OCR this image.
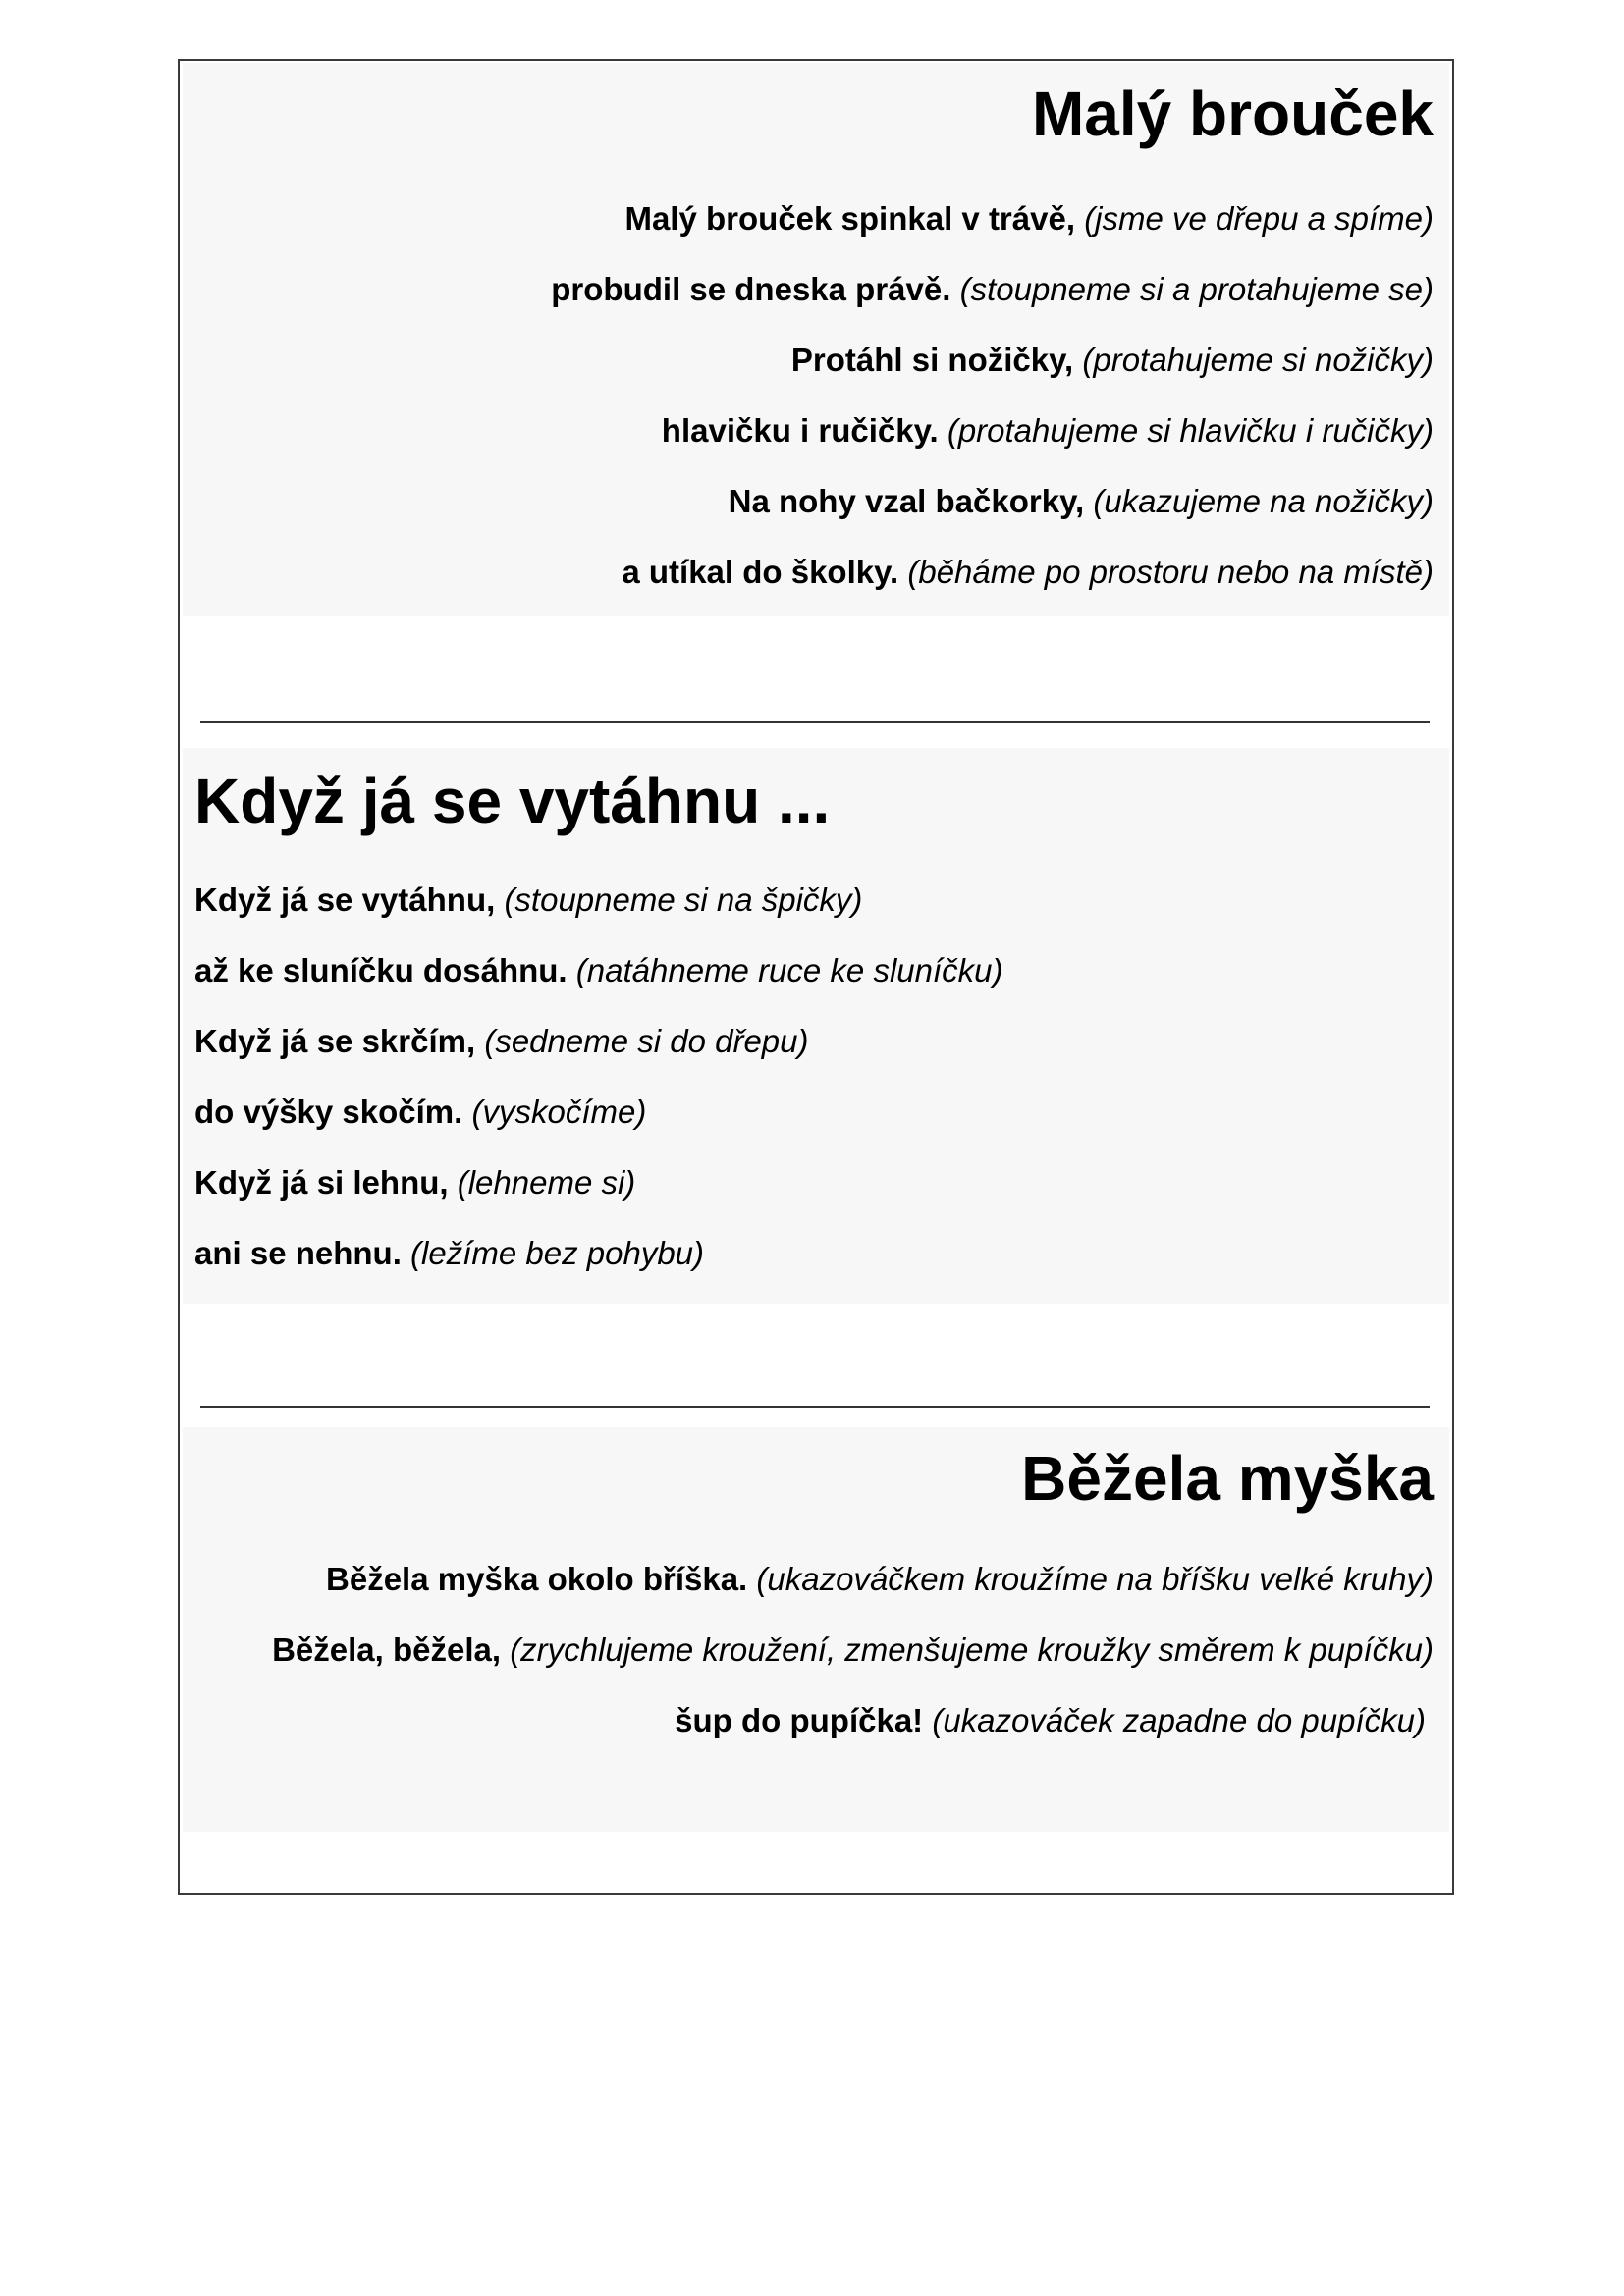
Malý brouček
Malý brouček spinkal v trávě, (jsme ve dřepu a spíme)
probudil se dneska právě. (stoupneme si a protahujeme se)
Protáhl si nožičky, (protahujeme si nožičky)
hlavičku i ručičky. (protahujeme si hlavičku i ručičky)
Na nohy vzal bačkorky, (ukazujeme na nožičky)
a utíkal do školky. (běháme po prostoru nebo na místě)
Když já se vytáhnu ...
Když já se vytáhnu, (stoupneme si na špičky)
až ke sluníčku dosáhnu. (natáhneme ruce ke sluníčku)
Když já se skrčím, (sedneme si do dřepu)
do výšky skočím. (vyskočíme)
Když já si lehnu, (lehneme si)
ani se nehnu. (ležíme bez pohybu)
Běžela myška
Běžela myška okolo bříška. (ukazováčkem kroužíme na bříšku velké kruhy)
Běžela, běžela, (zrychlujeme kroužení, zmenšujeme kroužky směrem k pupíčku)
šup do pupíčka! (ukazováček zapadne do pupíčku)
